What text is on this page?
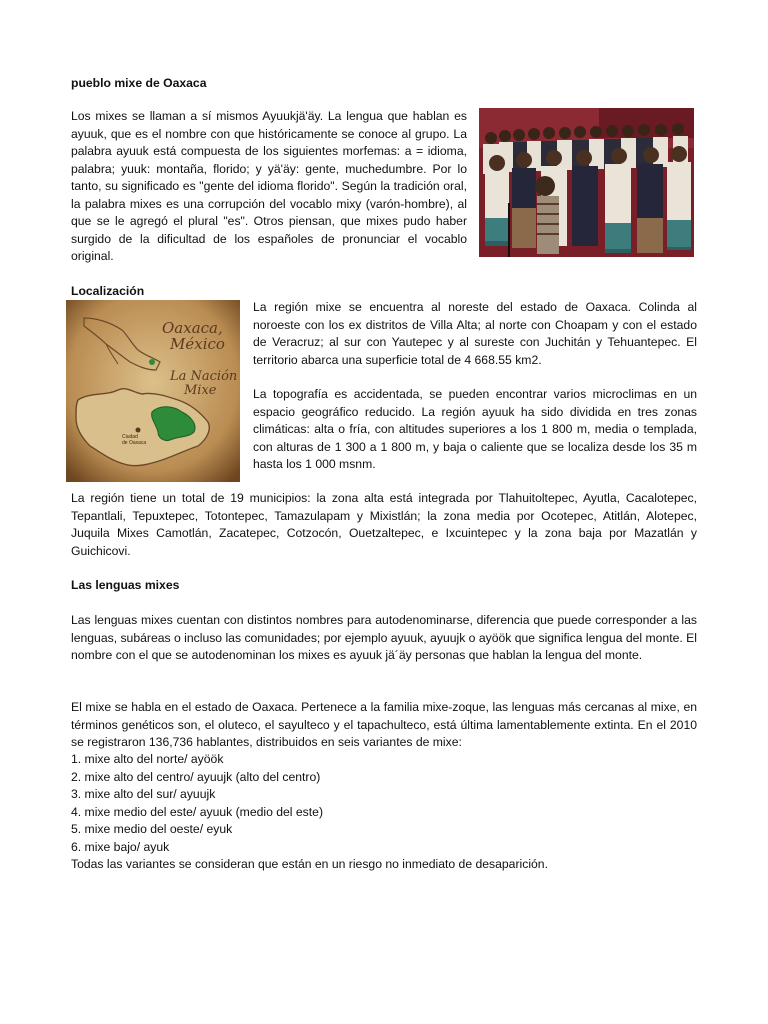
pueblo mixe de Oaxaca

Los mixes se llaman a sí mismos Ayuukjä'äy. La lengua que hablan es ayuuk, que es el nombre con que históricamente se conoce al grupo. La palabra ayuuk está compuesta de los siguientes morfemas: a = idioma, palabra; yuuk: montaña, florido; y yä'äy: gente, muchedumbre. Por lo tanto, su significado es "gente del idioma florido". Según la tradición oral, la palabra mixes es una corrupción del vocablo mixy (varón-hombre), al que se le agregó el plural "es". Otros piensan, que mixes pudo haber surgido de la dificultad de los españoles de pronunciar el vocablo original.

Localización
Oaxaca,
México
La Nación
Mixe
Ciudad
de Oaxaca

La región mixe se encuentra al noreste del estado de Oaxaca. Colinda al noroeste con los ex distritos de Villa Alta; al norte con Choapam y con el estado de Veracruz; al sur con Yautepec y al sureste con Juchitán y Tehuantepec. El territorio abarca una superficie total de 4 668.55 km2.

La topografía es accidentada, se pueden encontrar varios microclimas en un espacio geográfico reducido. La región ayuuk ha sido dividida en tres zonas climáticas: alta o fría, con altitudes superiores a los 1 800 m, media o templada, con alturas de 1 300 a 1 800 m, y baja o caliente que se localiza desde los 35 m hasta los 1 000 msnm.

La región tiene un total de 19 municipios: la zona alta está integrada por Tlahuitoltepec, Ayutla, Cacalotepec, Tepantlali, Tepuxtepec, Totontepec, Tamazulapam y Mixistlán; la zona media por Ocotepec, Atitlán, Alotepec, Juquila Mixes Camotlán, Zacatepec, Cotzocón, Ouetzaltepec, e Ixcuintepec y la zona baja por Mazatlán y Guichicovi.

Las lenguas mixes

Las lenguas mixes cuentan con distintos nombres para autodenominarse, diferencia que puede corresponder a las lenguas, subáreas o incluso las comunidades; por ejemplo ayuuk, ayuujk o ayöök que significa lengua del monte. El nombre con el que se autodenominan los mixes es ayuuk jä´äy personas que hablan la lengua del monte.

El mixe se habla en el estado de Oaxaca. Pertenece a la familia mixe-zoque, las lenguas más cercanas al mixe, en términos genéticos son, el oluteco, el sayulteco y el tapachulteco, está última lamentablemente extinta. En el 2010 se registraron 136,736 hablantes, distribuidos en seis variantes de mixe:

1. mixe alto del norte/ ayöök
2. mixe alto del centro/ ayuujk (alto del centro)
3. mixe alto del sur/ ayuujk
4. mixe medio del este/ ayuuk (medio del este)
5. mixe medio del oeste/ eyuk
6. mixe bajo/ ayuk

Todas las variantes se consideran que están en un riesgo no inmediato de desaparición.
